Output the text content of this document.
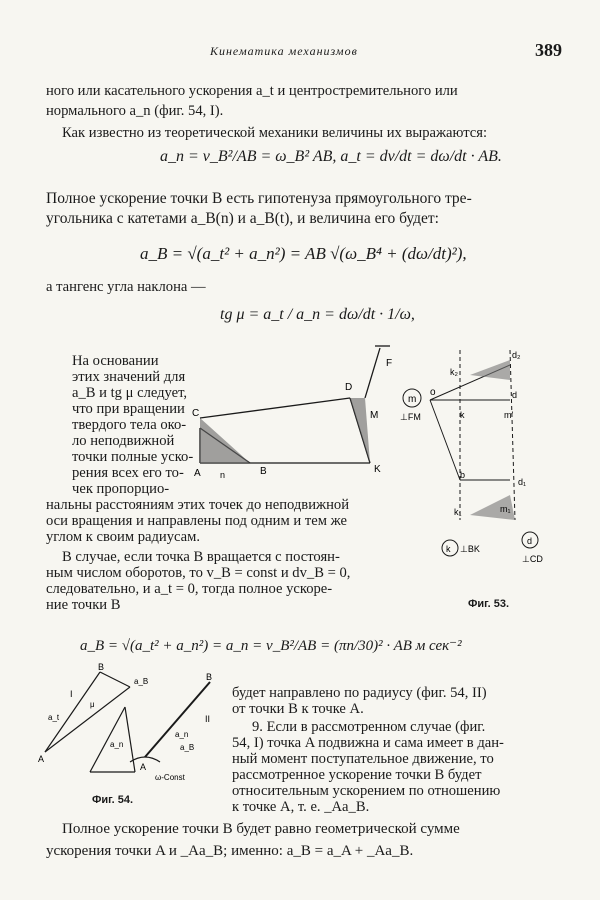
Кинематика механизмов	389
ного или касательного ускорения a_t и центростремительного или
нормального a_n (фиг. 54, I).
Как известно из теоретической механики величины их выражаются:
a_n = v_B²/AB = ω_B² AB, a_t = dv/dt = dω/dt · AB.
Полное ускорение точки B есть гипотенуза прямоугольного тре-
угольника с катетами a_B(n) и a_B(t), и величина его будет:
a_B = √(a_t² + a_n²) = AB √(ω_B⁴ + (dω/dt)²),
а тангенс угла наклона —
tg μ = a_t / a_n = dω/dt · 1/ω,
На основании
этих значений для
a_B и tg μ следует,
что при вращении
твердого тела око-
ло неподвижной
точки полные уско-
рения всех его то-
чек пропорцио-
нальны расстояниям этих точек до неподвижной
оси вращения и направлены под одним и тем же
углом к своим радиусам.
В случае, если точка B вращается с постоян-
ным числом оборотов, то v_B = const и dv_B = 0,
следовательно, и a_t = 0, тогда полное ускоре-
ние точки B
a_B = √(a_t² + a_n²) = a_n = v_B²/AB = (πn/30)² · AB м сек⁻²
будет направлено по радиусу (фиг. 54, II)
от точки B к точке A.
9. Если в рассмотренном случае (фиг.
54, I) точка A подвижна и сама имеет в дан-
ный момент поступательное движение, то
рассмотренное ускорение точки B будет
относительным ускорением по отношению
к точке A, т. е. _Aa_B.
Полное ускорение точки B будет равно геометрической сумме
ускорения точки A и _Aa_B; именно: a_B = a_A + _Aa_B.
C
D
F
M
A n	B	K
m
o
⊥FM
k₂
d₂
d
k	m'
b
d₁
k₁	m₁
k ⊥BK
d
⊥CD
Фиг. 53.
B
I
a_B
a_t
a_n
μ
A
II
a_n
a_B
ω-Const
A
B
Фиг. 54.
